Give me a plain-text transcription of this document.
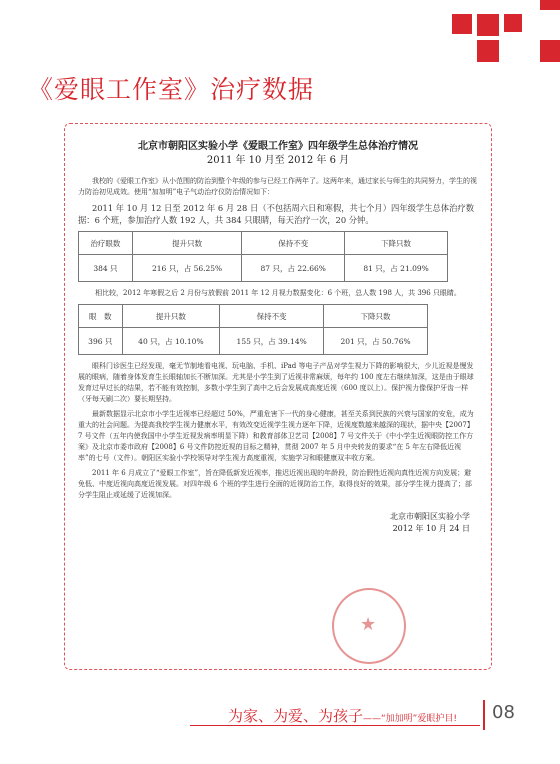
《爱眼工作室》治疗数据
北京市朝阳区实验小学《爱眼工作室》四年级学生总体治疗情况
2011 年 10 月至 2012 年 6 月

我校的《爱眼工作室》从小范围的防治到整个年级的参与已经工作两年了。这两年来，通过家长与师生的共同努力，学生的视力防治初见成效。使用“加加明”电子气动治疗仪防治情况如下：

2011 年 10 月 12 日至 2012 年 6 月 28 日（不包括周六日和寒假，共七个月）四年级学生总体治疗数据：6 个班，参加治疗人数 192 人，共 384 只眼睛，每天治疗一次，20 分钟。

治疗眼数	提升只数	保持不变	下降只数
384 只	216 只，占 56.25%	87 只，占 22.66%	81 只，占 21.09%

相比较，2012 年寒假之后 2 月份与放假前 2011 年 12 月视力数据变化：6 个班，总人数 198 人，共 396 只眼睛。

眼　数	提升只数	保持不变	下降只数
396 只	40 只，占 10.10%	155 只，占 39.14%	201 只，占 50.76%

眼科门诊医生已经发现，毫无节制地看电视、玩电脑、手机、iPad 等电子产品对学生视力下降的影响很大，少儿近视是慢发展的眼病，随着身体发育生长眼轴加长不断加深。尤其是小学生到了近视非常麻烦，每年约 100 度左右继续加深，这是由于眼球发育过早过长的结果，若不能有效控制，多数小学生到了高中之后会发展成高度近视（600 度以上）。保护视力像保护牙齿一样（牙每天刷二次）要长期坚持。

最新数据显示北京市小学生近视率已经超过 50%，严重危害下一代的身心健康，甚至关系到民族的兴衰与国家的安危，成为重大的社会问题。为提高我校学生视力健康水平，有效改变近视学生视力逐年下降，近视度数越来越深的现状，据中央【2007】7 号文件（五年内使我国中小学生近视发病率明显下降）和教育部体卫艺司【2008】7 号文件关于《中小学生近视眼防控工作方案》及北京市委市政府【2008】6 号文件防控近视的目标之精神，贯彻 2007 年 5 月中央转发的要求“在 5 年左右降低近视率”的七号（文件）。朝阳区实验小学校领导对学生视力高度重视，实施学习和眼健康双丰收方案。

2011 年 6 月成立了“爱眼工作室”，旨在降低新发近视率，推迟近视出现的年龄段，防治假性近视向真性近视方向发展；避免低、中度近视向高度近视发展。对四年级 6 个班的学生进行全面的近视防治工作，取得良好的效果，部分学生视力提高了；部分学生阻止或延缓了近视加深。

北京市朝阳区实验小学
2012 年 10 月 24 日
★
为家、为爱、为孩子——“加加明”爱眼护目! 08
